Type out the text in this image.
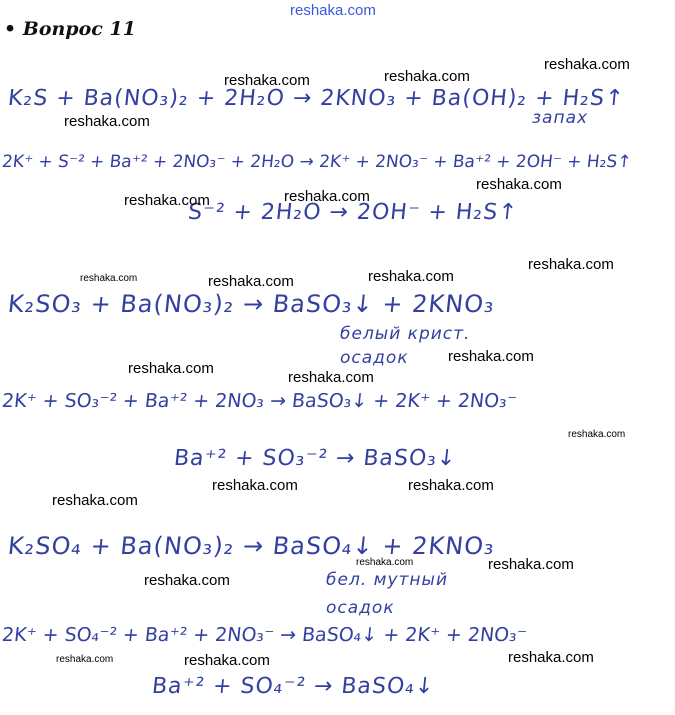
• Вопрос 11
reshaka.com
K₂S + Ba(NO₃)₂ + 2H₂O → 2KNO₃ + Ba(OH)₂ + H₂S↑
запах
2K⁺ + S⁻² + Ba⁺² + 2NO₃⁻ + 2H₂O → 2K⁺ + 2NO₃⁻ + Ba⁺² + 2OH⁻ + H₂S↑
S⁻² + 2H₂O → 2OH⁻ + H₂S↑
K₂SO₃ + Ba(NO₃)₂ → BaSO₃↓ + 2KNO₃
белый крист. осадок
2K⁺ + SO₃⁻² + Ba⁺² + 2NO₃ → BaSO₃↓ + 2K⁺ + 2NO₃⁻
Ba⁺² + SO₃⁻² → BaSO₃↓
K₂SO₄ + Ba(NO₃)₂ → BaSO₄↓ + 2KNO₃
бел. мутный осадок
2K⁺ + SO₄⁻² + Ba⁺² + 2NO₃⁻ → BaSO₄↓ + 2K⁺ + 2NO₃⁻
Ba⁺² + SO₄⁻² → BaSO₄↓
reshaka.com	reshaka.com
reshaka.com
reshaka.com
reshaka.com
reshaka.com	reshaka.com
reshaka.com	reshaka.com	reshaka.com
reshaka.com
reshaka.com
reshaka.com
reshaka.com
reshaka.com
reshaka.com	reshaka.com
reshaka.com
reshaka.com	reshaka.com
reshaka.com
reshaka.com	reshaka.com	reshaka.com
